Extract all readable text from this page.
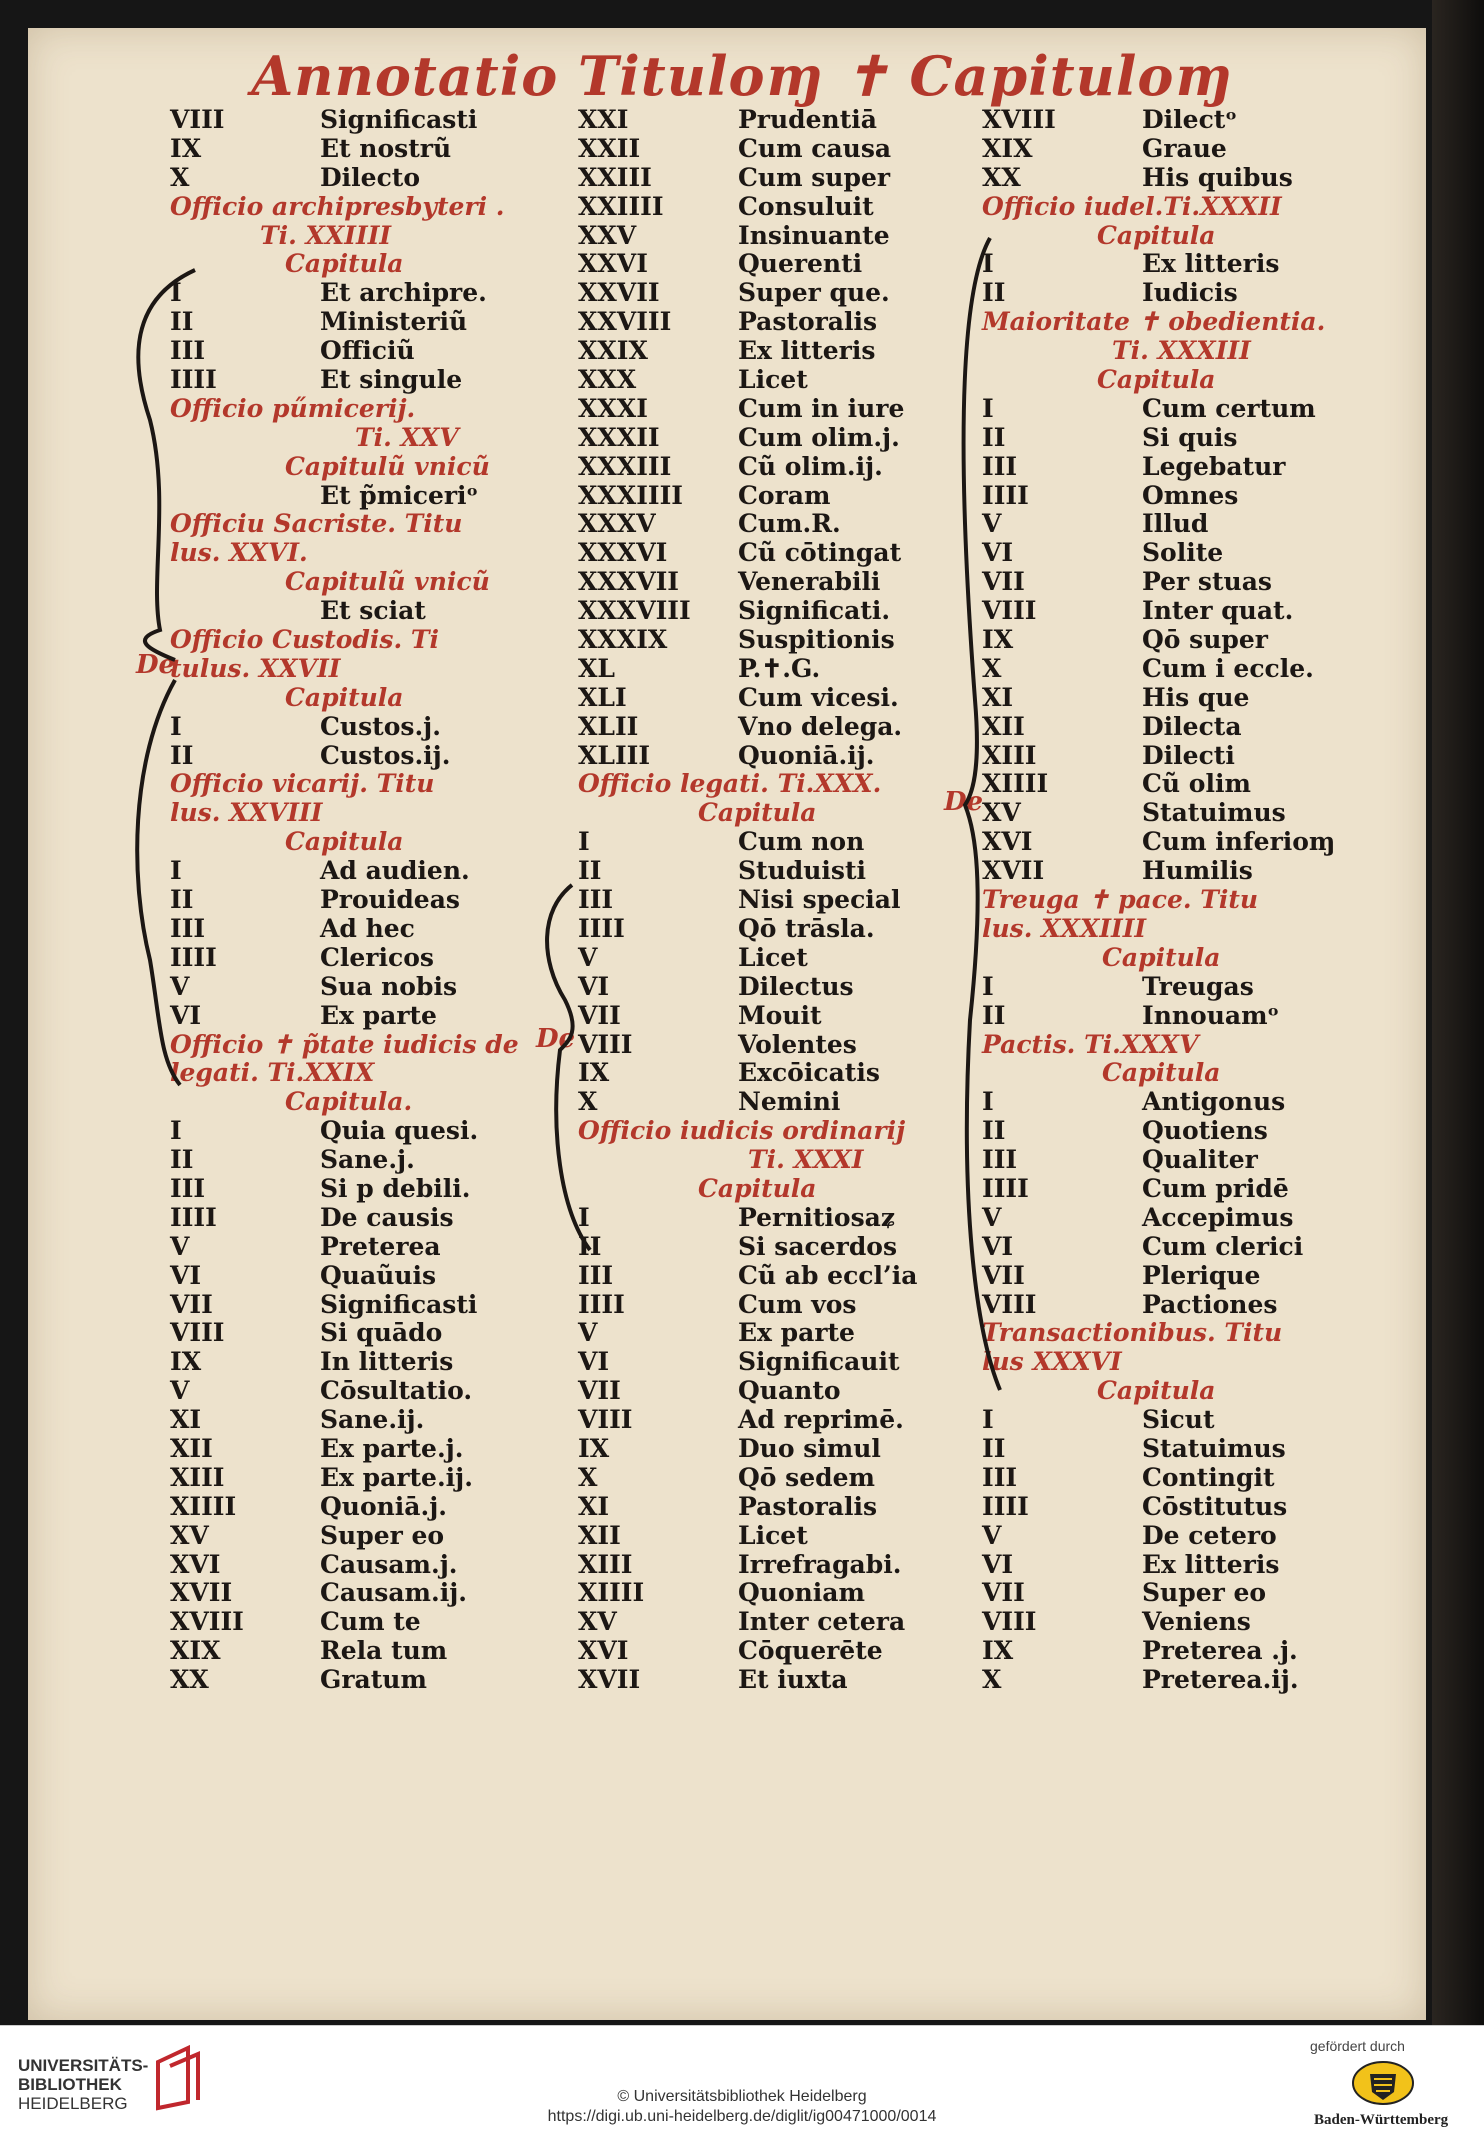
Annotatio Tituloɱ ✝ Capituloɱ
VIII	Significasti
IX	Et nostrũ
X	Dilecto
Officio archipresbyteri .
Ti. XXIIII
Capitula
I	Et archipre.
II	Ministeriũ
III	Officiũ
IIII	Et singule
Officio pűmicerij.
Ti. XXV
Capitulũ vnicũ
Et p̃miceriᵒ
Officiu Sacriste. Titu
lus. XXVI.
Capitulũ vnicũ
Et sciat
Officio Custodis. Ti
tulus. XXVII
Capitula
I	Custos.j.
II	Custos.ij.
Officio vicarij. Titu
lus. XXVIII
Capitula
I	Ad audien.
II	Prouideas
III	Ad hec
IIII	Clericos
V	Sua nobis
VI	Ex parte
Officio ✝ p̃tate iudicis de
legati. Ti.XXIX
Capitula.
I	Quia quesi.
II	Sane.j.
III	Si p debili.
IIII	De causis
V	Preterea
VI	Quaũuis
VII	Significasti
VIII	Si quādo
IX	In litteris
V	Cōsultatio.
XI	Sane.ij.
XII	Ex parte.j.
XIII	Ex parte.ij.
XIIII	Quoniā.j.
XV	Super eo
XVI	Causam.j.
XVII	Causam.ij.
XVIII	Cum te
XIX	Rela tum
XX	Gratum
XXI	Prudentiā
XXII	Cum causa
XXIII	Cum super
XXIIII	Consuluit
XXV	Insinuante
XXVI	Querenti
XXVII	Super que.
XXVIII	Pastoralis
XXIX	Ex litteris
XXX	Licet
XXXI	Cum in iure
XXXII	Cum olim.j.
XXXIII	Cũ olim.ij.
XXXIIII Coram
XXXV	Cum.R.
XXXVI	Cũ cōtingat
XXXVII Venerabili
XXXVIII Significati.
XXXIX	Suspitionis
XL	P.✝.G.
XLI	Cum vicesi.
XLII	Vno delega.
XLIII	Quoniā.ij.
Officio legati. Ti.XXX.
Capitula
I	Cum non
II	Studuisti
III	Nisi special
IIII	Qō trāsla.
V	Licet
VI	Dilectus
VII	Mouit
VIII	Volentes
IX	Excōicatis
X	Nemini
Officio iudicis ordinarij
Ti. XXXI
Capitula
I	Pernitiosaʑ
II	Si sacerdos
III	Cũ ab eccl’ia
IIII	Cum vos
V	Ex parte
VI	Significauit
VII	Quanto
VIII	Ad reprimē.
IX	Duo simul
X	Qō sedem
XI	Pastoralis
XII	Licet
XIII	Irrefragabi.
XIIII	Quoniam
XV	Inter cetera
XVI	Cōquerēte
XVII	Et iuxta
XVIII	Dilectᵒ
XIX	Graue
XX	His quibus
Officio iudel.Ti.XXXII
Capitula
I	Ex litteris
II	Iudicis
Maioritate ✝ obedientia.
Ti. XXXIII
Capitula
I	Cum certum
II	Si quis
III	Legebatur
IIII	Omnes
V	Illud
VI	Solite
VII	Per stuas
VIII	Inter quat.
IX	Qō super
X	Cum i eccle.
XI	His que
XII	Dilecta
XIII	Dilecti
XIIII	Cũ olim
XV	Statuimus
XVI	Cum inferioɱ
XVII	Humilis
Treuga ✝ pace. Titu
lus. XXXIIII
Capitula
I	Treugas
II	Innouamᵒ
Pactis. Ti.XXXV
Capitula
I	Antigonus
II	Quotiens
III	Qualiter
IIII	Cum pridē
V	Accepimus
VI	Cum clerici
VII	Plerique
VIII	Pactiones
Transactionibus. Titu
lus XXXVI
Capitula
I	Sicut
II	Statuimus
III	Contingit
IIII	Cōstitutus
V	De cetero
VI	Ex litteris
VII	Super eo
VIII	Veniens
IX	Preterea .j.
X	Preterea.ij.
De
De
De
UNIVERSITÄTS-
BIBLIOTHEK
HEIDELBERG	© Universitätsbibliothek Heidelberg
https://digi.ub.uni-heidelberg.de/diglit/ig00471000/0014
gefördert durch
Baden-Württemberg
